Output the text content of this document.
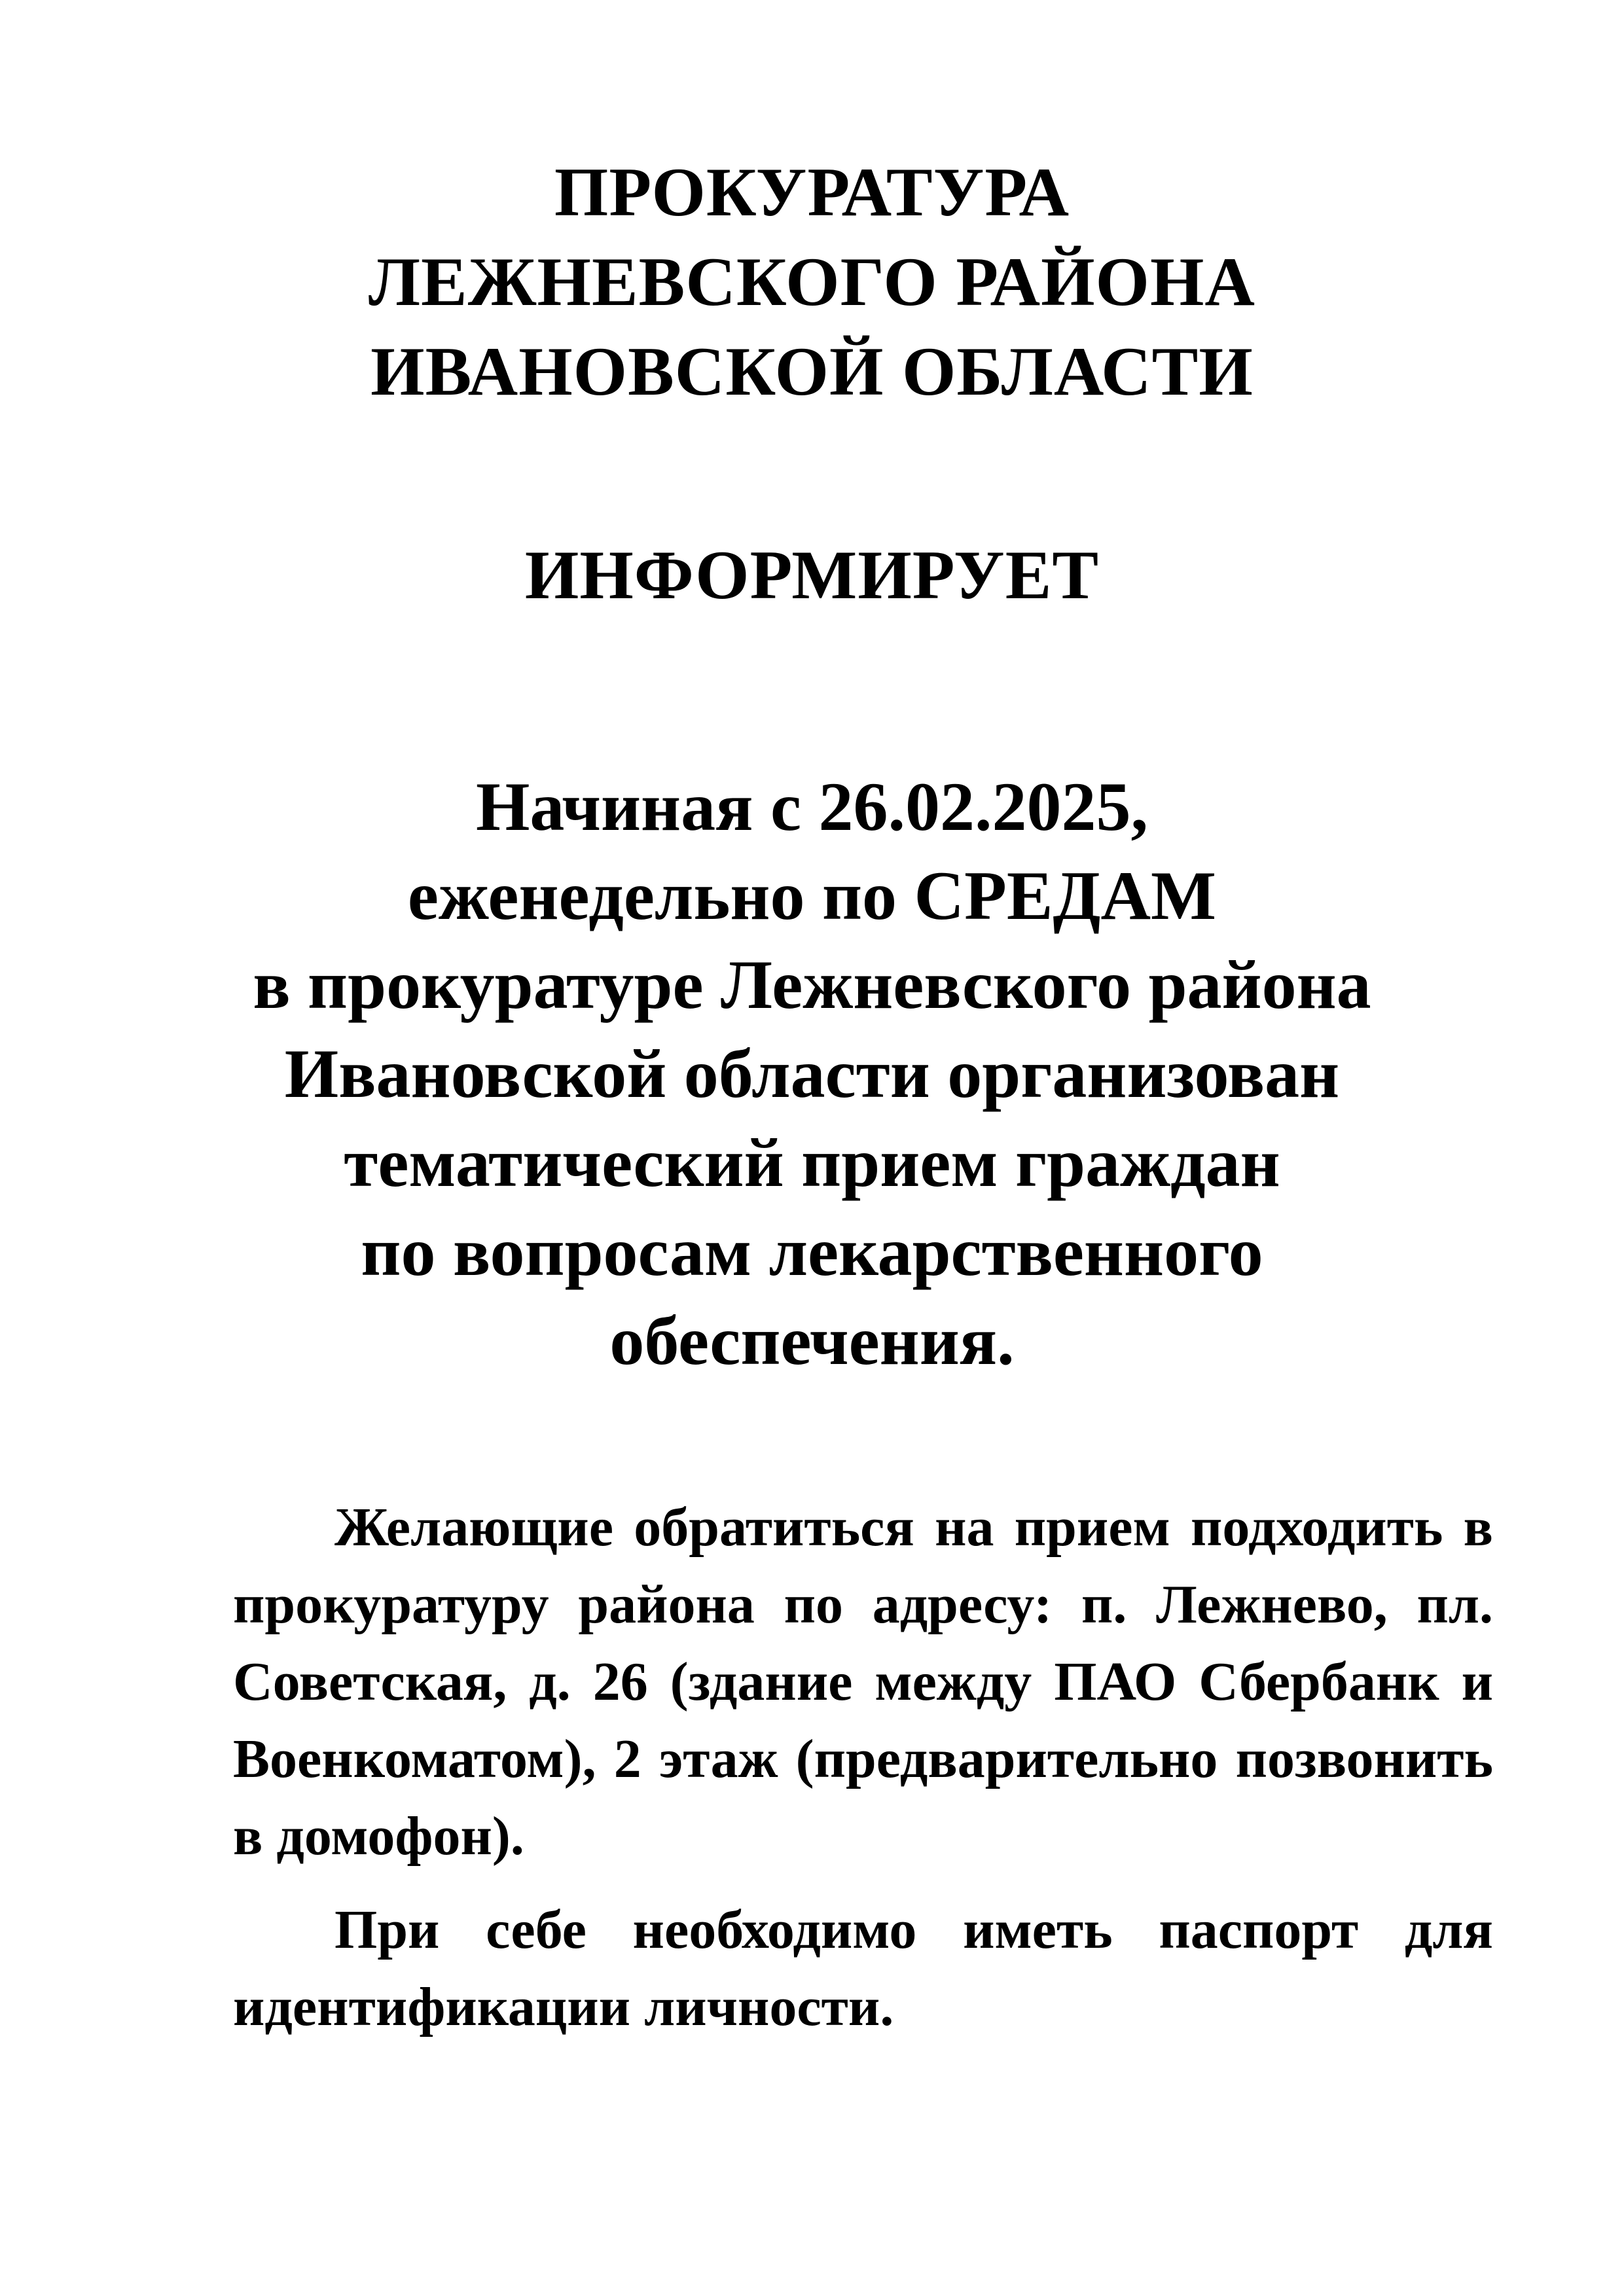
ПРОКУРАТУРА
ЛЕЖНЕВСКОГО РАЙОНА
ИВАНОВСКОЙ ОБЛАСТИ
ИНФОРМИРУЕТ
Начиная с 26.02.2025,
еженедельно по СРЕДАМ
в прокуратуре Лежневского района
Ивановской области организован
тематический прием граждан
по вопросам лекарственного
обеспечения.

Желающие обратиться на прием подходить в прокуратуру района по адресу: п. Лежнево, пл. Советская, д. 26 (здание между ПАО Сбербанк и Военкоматом), 2 этаж (предварительно позвонить в домофон).

При себе необходимо иметь паспорт для идентификации личности.
